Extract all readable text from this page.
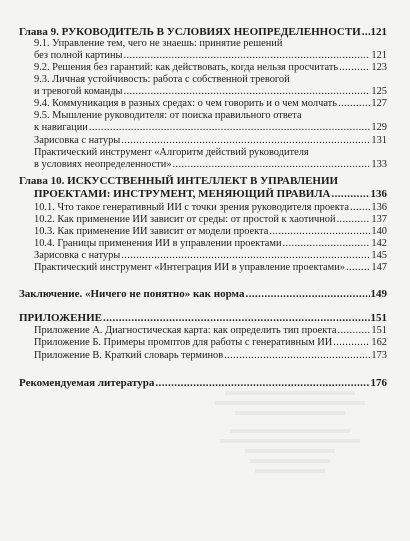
Глава 9. РУКОВОДИТЕЛЬ В УСЛОВИЯХ НЕОПРЕДЕЛЕННОСТИ ..... 121
9.1. Управление тем, чего не знаешь: принятие решений
без полной картины .....	121
9.2. Решения без гарантий: как действовать, когда нельзя просчитать .....	123
9.3. Личная устойчивость: работа с собственной тревогой
и тревогой команды .....	125
9.4. Коммуникация в разных средах: о чем говорить и о чем молчать .....	127
9.5. Мышление руководителя: от поиска правильного ответа
к навигации .....	129
Зарисовка с натуры .....	131
Практический инструмент «Алгоритм действий руководителя
в условиях неопределенности» .....	133
Глава 10. ИСКУССТВЕННЫЙ ИНТЕЛЛЕКТ В УПРАВЛЕНИИ
ПРОЕКТАМИ: ИНСТРУМЕНТ, МЕНЯЮЩИЙ ПРАВИЛА .....	136
10.1. Что такое генеративный ИИ с точки зрения руководителя проекта ..... 136
10.2. Как применение ИИ зависит от среды: от простой к хаотичной .....	137
10.3. Как применение ИИ зависит от модели проекта .....	140
10.4. Границы применения ИИ в управлении проектами .....	142
Зарисовка с натуры .....	145
Практический инструмент «Интеграция ИИ в управление проектами» .....	147
Заключение. «Ничего не понятно» как норма .....	149
ПРИЛОЖЕНИЕ .....	151
Приложение А. Диагностическая карта: как определить тип проекта .....	151
Приложение Б. Примеры промптов для работы с генеративным ИИ .....	162
Приложение В. Краткий словарь терминов .....	173
Рекомендуемая литература .....	176
